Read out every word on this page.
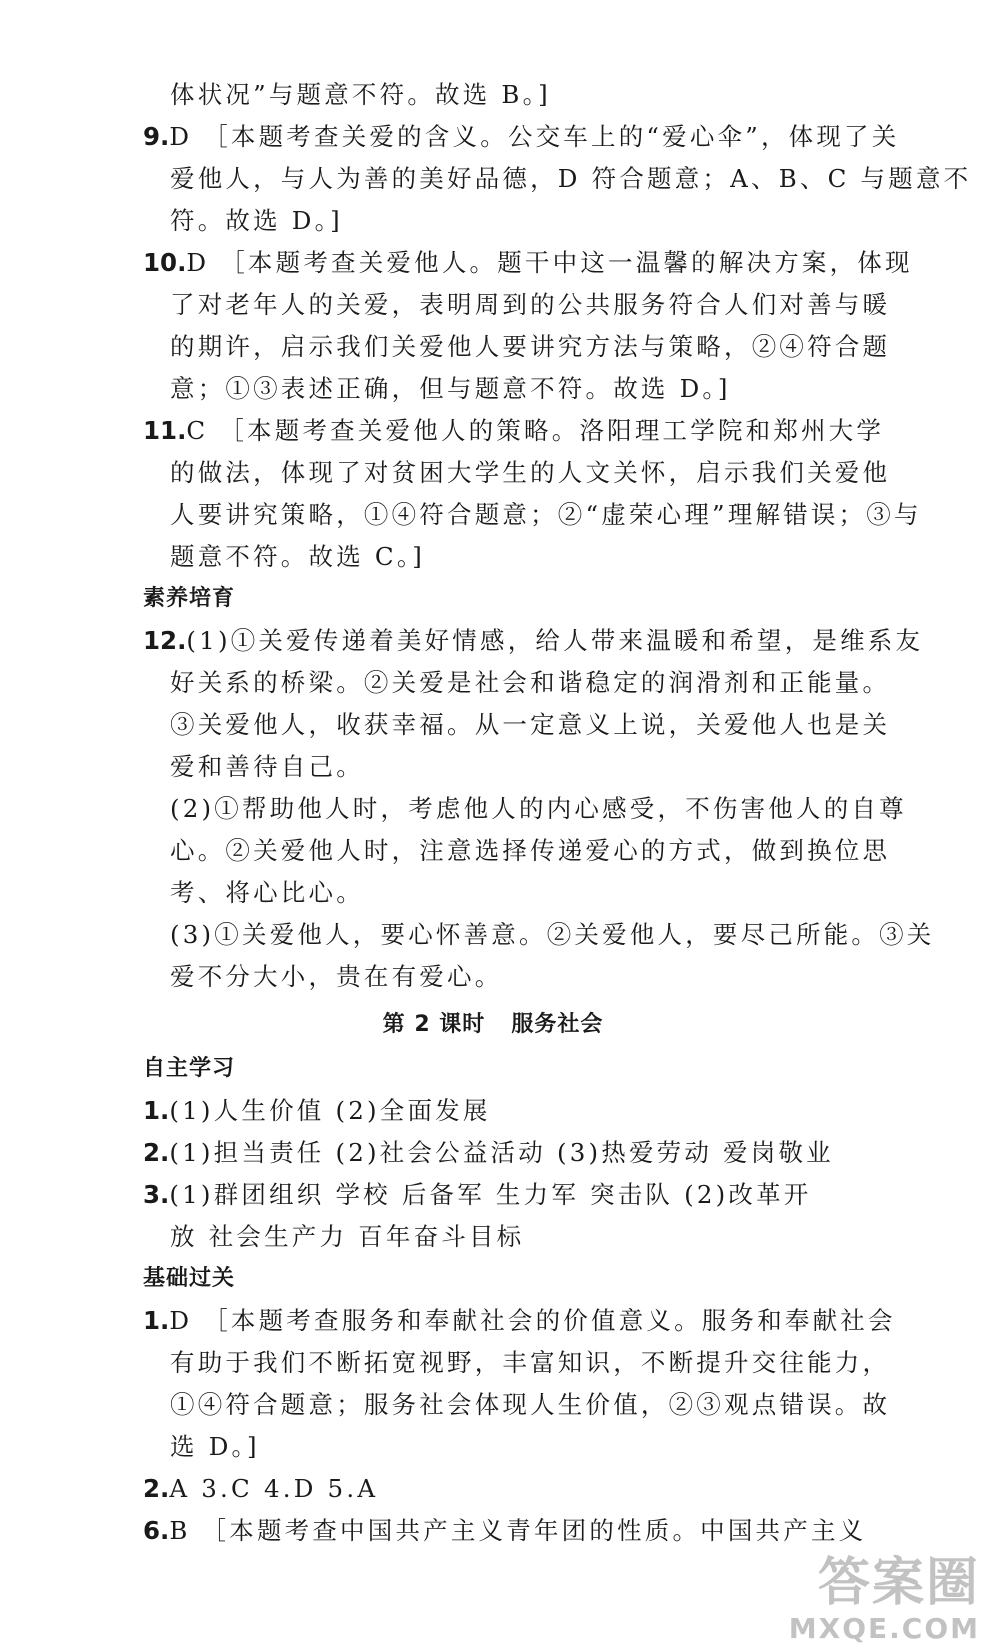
体状况”与题意不符。故选 B。]
9.D ［本题考查关爱的含义。公交车上的“爱心伞”，体现了关
爱他人，与人为善的美好品德，D 符合题意；A、B、C 与题意不
符。故选 D。]
10.D ［本题考查关爱他人。题干中这一温馨的解决方案，体现
了对老年人的关爱，表明周到的公共服务符合人们对善与暖
的期许，启示我们关爱他人要讲究方法与策略，②④符合题
意；①③表述正确，但与题意不符。故选 D。]
11.C ［本题考查关爱他人的策略。洛阳理工学院和郑州大学
的做法，体现了对贫困大学生的人文关怀，启示我们关爱他
人要讲究策略，①④符合题意；②“虚荣心理”理解错误；③与
题意不符。故选 C。]
素养培育
12.(1)①关爱传递着美好情感，给人带来温暖和希望，是维系友
好关系的桥梁。②关爱是社会和谐稳定的润滑剂和正能量。
③关爱他人，收获幸福。从一定意义上说，关爱他人也是关
爱和善待自己。
(2)①帮助他人时，考虑他人的内心感受，不伤害他人的自尊
心。②关爱他人时，注意选择传递爱心的方式，做到换位思
考、将心比心。
(3)①关爱他人，要心怀善意。②关爱他人，要尽己所能。③关
爱不分大小，贵在有爱心。
第 2 课时 服务社会
自主学习
1.(1)人生价值 (2)全面发展
2.(1)担当责任 (2)社会公益活动 (3)热爱劳动 爱岗敬业
3.(1)群团组织 学校 后备军 生力军 突击队 (2)改革开
放 社会生产力 百年奋斗目标
基础过关
1.D ［本题考查服务和奉献社会的价值意义。服务和奉献社会
有助于我们不断拓宽视野，丰富知识，不断提升交往能力，
①④符合题意；服务社会体现人生价值，②③观点错误。故
选 D。]
2.A 3.C 4.D 5.A
6.B ［本题考查中国共产主义青年团的性质。中国共产主义
答案圈
MXQE.COM
